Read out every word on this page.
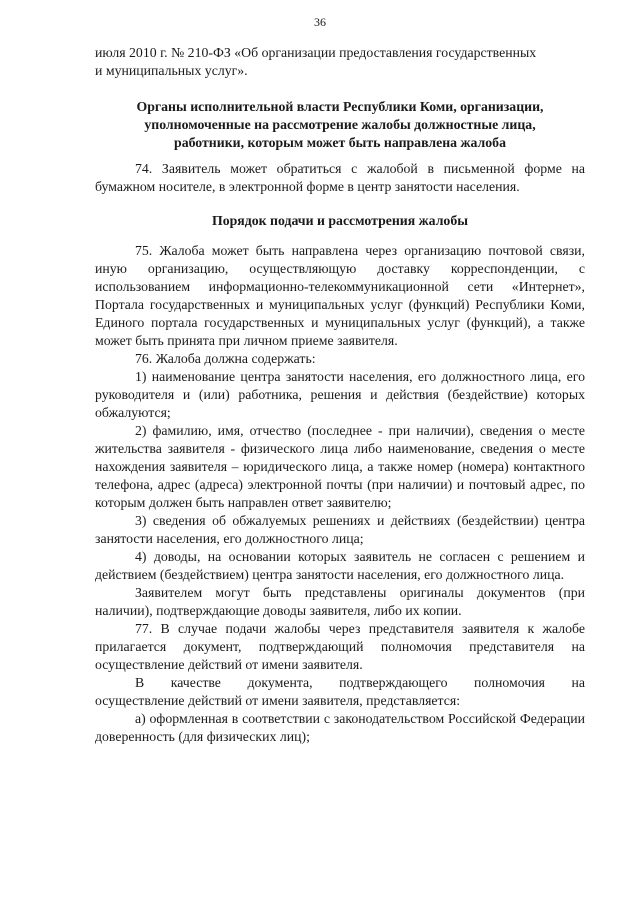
36
июля 2010 г. № 210-ФЗ «Об организации предоставления государственных
и муниципальных услуг».
Органы исполнительной власти Республики Коми, организации,
уполномоченные на рассмотрение жалобы должностные лица,
работники, которым может быть направлена жалоба

74. Заявитель может обратиться с жалобой в письменной форме на бумажном носителе, в электронной форме в центр занятости населения.

Порядок подачи и рассмотрения жалобы

75. Жалоба может быть направлена через организацию почтовой связи, иную организацию, осуществляющую доставку корреспонденции, с использованием информационно-телекоммуникационной сети «Интернет», Портала государственных и муниципальных услуг (функций) Республики Коми, Единого портала государственных и муниципальных услуг (функций), а также может быть принята при личном приеме заявителя.

76. Жалоба должна содержать:

1) наименование центра занятости населения, его должностного лица, его руководителя и (или) работника, решения и действия (бездействие) которых обжалуются;

2) фамилию, имя, отчество (последнее - при наличии), сведения о месте жительства заявителя - физического лица либо наименование, сведения о месте нахождения заявителя – юридического лица, а также номер (номера) контактного телефона, адрес (адреса) электронной почты (при наличии) и почтовый адрес, по которым должен быть направлен ответ заявителю;

3) сведения об обжалуемых решениях и действиях (бездействии) центра занятости населения, его должностного лица;

4) доводы, на основании которых заявитель не согласен с решением и действием (бездействием) центра занятости населения, его должностного лица.

Заявителем могут быть представлены оригиналы документов (при наличии), подтверждающие доводы заявителя, либо их копии.

77. В случае подачи жалобы через представителя заявителя к жалобе прилагается документ, подтверждающий полномочия представителя на осуществление действий от имени заявителя.

В качестве документа, подтверждающего полномочия на

осуществление действий от имени заявителя, представляется:

а) оформленная в соответствии с законодательством Российской Федерации доверенность (для физических лиц);
